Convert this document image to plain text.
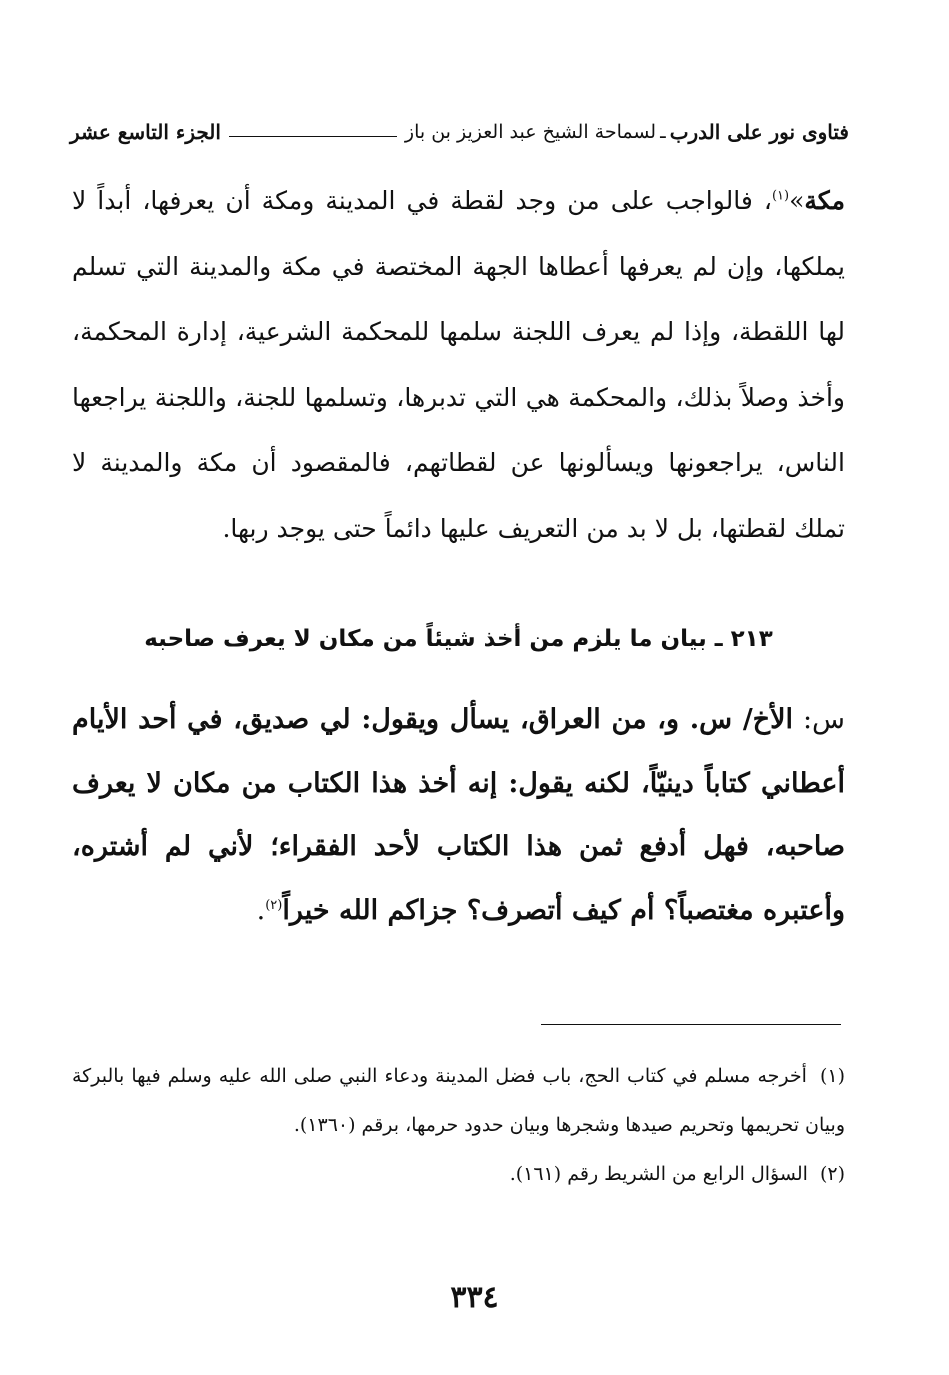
فتاوى نور على الدرب
ـ
لسماحة الشيخ عبد العزيز بن باز
الجزء التاسع عشر
مكة»$^{(١)}$، فالواجب على من وجد لقطة في المدينة ومكة أن يعرفها، أبداً لا يملكها، وإن لم يعرفها أعطاها الجهة المختصة في مكة والمدينة التي تسلم لها اللقطة، وإذا لم يعرف اللجنة سلمها للمحكمة الشرعية، إدارة المحكمة، وأخذ وصلاً بذلك، والمحكمة هي التي تدبرها، وتسلمها للجنة، واللجنة يراجعها الناس، يراجعونها ويسألونها عن لقطاتهم، فالمقصود أن مكة والمدينة لا تملك لقطتها، بل لا بد من التعريف عليها دائماً حتى يوجد ربها.
٢١٣ ـ بيان ما يلزم من أخذ شيئاً من مكان لا يعرف صاحبه
س: الأخ/ س. و، من العراق، يسأل ويقول: لي صديق، في أحد الأيام أعطاني كتاباً دينيّاً، لكنه يقول: إنه أخذ هذا الكتاب من مكان لا يعرف صاحبه، فهل أدفع ثمن هذا الكتاب لأحد الفقراء؛ لأني لم أشتره، وأعتبره مغتصباً؟ أم كيف أتصرف؟ جزاكم الله خيراً$^{(٢)}$.
(١) أخرجه مسلم في كتاب الحج، باب فضل المدينة ودعاء النبي صلى الله عليه وسلم فيها بالبركة وبيان تحريمها وتحريم صيدها وشجرها وبيان حدود حرمها، برقم (١٣٦٠).
(٢) السؤال الرابع من الشريط رقم (١٦١).
٣٣٤
